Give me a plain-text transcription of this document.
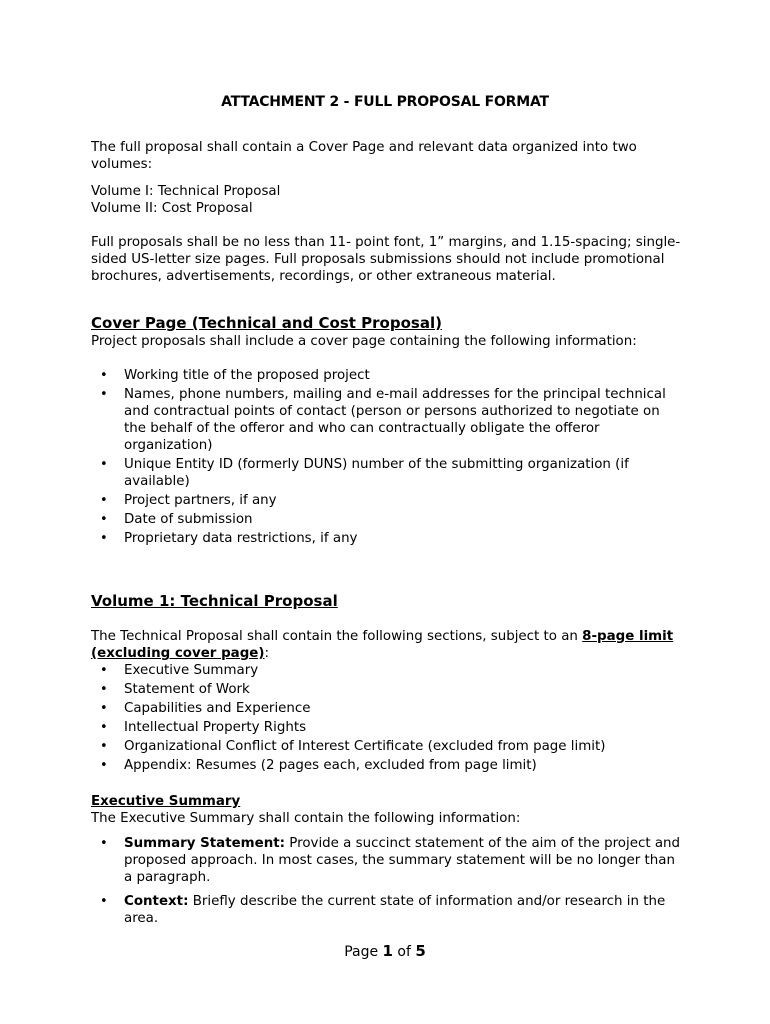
ATTACHMENT 2 - FULL PROPOSAL FORMAT

The full proposal shall contain a Cover Page and relevant data organized into two volumes:

Volume I: Technical Proposal

Volume II: Cost Proposal

Full proposals shall be no less than 11- point font, 1” margins, and 1.15-spacing; single- sided US-letter size pages. Full proposals submissions should not include promotional brochures, advertisements, recordings, or other extraneous material.

Cover Page (Technical and Cost Proposal)

Project proposals shall include a cover page containing the following information:

• Working title of the proposed project
• Names, phone numbers, mailing and e-mail addresses for the principal technical and contractual points of contact (person or persons authorized to negotiate on the behalf of the offeror and who can contractually obligate the offeror organization)
• Unique Entity ID (formerly DUNS) number of the submitting organization (if available)
• Project partners, if any
• Date of submission
• Proprietary data restrictions, if any
Volume 1: Technical Proposal

The Technical Proposal shall contain the following sections, subject to an 8-page limit (excluding cover page):

• Executive Summary
• Statement of Work
• Capabilities and Experience
• Intellectual Property Rights
• Organizational Conflict of Interest Certificate (excluded from page limit)
• Appendix: Resumes (2 pages each, excluded from page limit)
Executive Summary

The Executive Summary shall contain the following information:

• Summary Statement: Provide a succinct statement of the aim of the project and proposed approach. In most cases, the summary statement will be no longer than a paragraph.
• Context: Briefly describe the current state of information and/or research in the area.
Page 1 of 5
